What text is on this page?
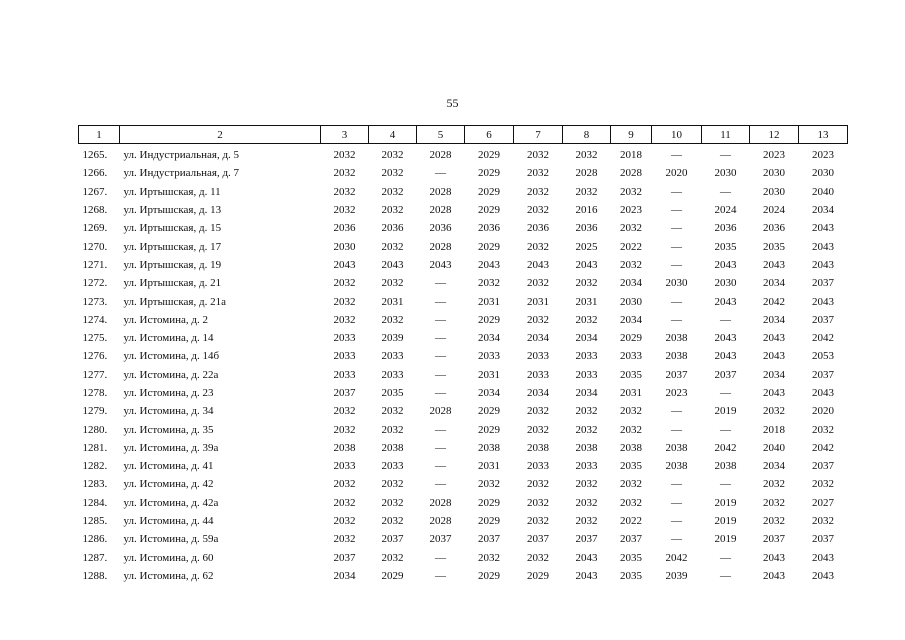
55
1	2	3	4	5	6	7	8	9	10	11	12	13
1265.	ул. Индустриальная, д. 5	2032	2032	2028	2029	2032	2032	2018	—	—	2023	2023
1266.	ул. Индустриальная, д. 7	2032	2032	—	2029	2032	2028	2028	2020	2030	2030	2030
1267.	ул. Иртышская, д. 11	2032	2032	2028	2029	2032	2032	2032	—	—	2030	2040
1268.	ул. Иртышская, д. 13	2032	2032	2028	2029	2032	2016	2023	—	2024	2024	2034
1269.	ул. Иртышская, д. 15	2036	2036	2036	2036	2036	2036	2032	—	2036	2036	2043
1270.	ул. Иртышская, д. 17	2030	2032	2028	2029	2032	2025	2022	—	2035	2035	2043
1271.	ул. Иртышская, д. 19	2043	2043	2043	2043	2043	2043	2032	—	2043	2043	2043
1272.	ул. Иртышская, д. 21	2032	2032	—	2032	2032	2032	2034	2030	2030	2034	2037
1273.	ул. Иртышская, д. 21а	2032	2031	—	2031	2031	2031	2030	—	2043	2042	2043
1274.	ул. Истомина, д. 2	2032	2032	—	2029	2032	2032	2034	—	—	2034	2037
1275.	ул. Истомина, д. 14	2033	2039	—	2034	2034	2034	2029	2038	2043	2043	2042
1276.	ул. Истомина, д. 14б	2033	2033	—	2033	2033	2033	2033	2038	2043	2043	2053
1277.	ул. Истомина, д. 22а	2033	2033	—	2031	2033	2033	2035	2037	2037	2034	2037
1278.	ул. Истомина, д. 23	2037	2035	—	2034	2034	2034	2031	2023	—	2043	2043
1279.	ул. Истомина, д. 34	2032	2032	2028	2029	2032	2032	2032	—	2019	2032	2020
1280.	ул. Истомина, д. 35	2032	2032	—	2029	2032	2032	2032	—	—	2018	2032
1281.	ул. Истомина, д. 39а	2038	2038	—	2038	2038	2038	2038	2038	2042	2040	2042
1282.	ул. Истомина, д. 41	2033	2033	—	2031	2033	2033	2035	2038	2038	2034	2037
1283.	ул. Истомина, д. 42	2032	2032	—	2032	2032	2032	2032	—	—	2032	2032
1284.	ул. Истомина, д. 42а	2032	2032	2028	2029	2032	2032	2032	—	2019	2032	2027
1285.	ул. Истомина, д. 44	2032	2032	2028	2029	2032	2032	2022	—	2019	2032	2032
1286.	ул. Истомина, д. 59а	2032	2037	2037	2037	2037	2037	2037	—	2019	2037	2037
1287.	ул. Истомина, д. 60	2037	2032	—	2032	2032	2043	2035	2042	—	2043	2043
1288.	ул. Истомина, д. 62	2034	2029	—	2029	2029	2043	2035	2039	—	2043	2043
